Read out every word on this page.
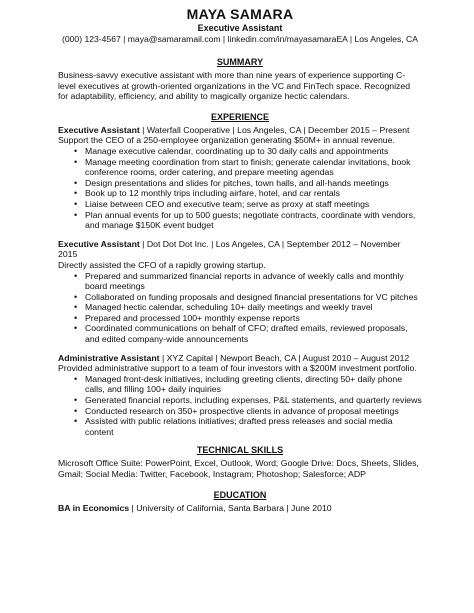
MAYA SAMARA
Executive Assistant
(000) 123-4567 | maya@samaramail.com | linkedin.com/in/mayasamaraEA | Los Angeles, CA
SUMMARY
Business-savvy executive assistant with more than nine years of experience supporting C-level executives at growth-oriented organizations in the VC and FinTech space. Recognized for adaptability, efficiency, and ability to magically organize hectic calendars.
EXPERIENCE
Executive Assistant | Waterfall Cooperative | Los Angeles, CA | December 2015 – Present
Support the CEO of a 250-employee organization generating $50M+ in annual revenue.
• Manage executive calendar, coordinating up to 30 daily calls and appointments
• Manage meeting coordination from start to finish; generate calendar invitations, book conference rooms, order catering, and prepare meeting agendas
• Design presentations and slides for pitches, town halls, and all-hands meetings
• Book up to 12 monthly trips including airfare, hotel, and car rentals
• Liaise between CEO and executive team; serve as proxy at staff meetings
• Plan annual events for up to 500 guests; negotiate contracts, coordinate with vendors, and manage $150K event budget
Executive Assistant | Dot Dot Dot Inc. | Los Angeles, CA | September 2012 – November 2015
Directly assisted the CFO of a rapidly growing startup.
• Prepared and summarized financial reports in advance of weekly calls and monthly board meetings
• Collaborated on funding proposals and designed financial presentations for VC pitches
• Managed hectic calendar, scheduling 10+ daily meetings and weekly travel
• Prepared and processed 100+ monthly expense reports
• Coordinated communications on behalf of CFO; drafted emails, reviewed proposals, and edited company-wide announcements
Administrative Assistant | XYZ Capital | Newport Beach, CA | August 2010 – August 2012
Provided administrative support to a team of four investors with a $200M investment portfolio.
• Managed front-desk initiatives, including greeting clients, directing 50+ daily phone calls, and filling 100+ daily inquiries
• Generated financial reports, including expenses, P&L statements, and quarterly reviews
• Conducted research on 350+ prospective clients in advance of proposal meetings
• Assisted with public relations initiatives; drafted press releases and social media content
TECHNICAL SKILLS
Microsoft Office Suite: PowerPoint, Excel, Outlook, Word; Google Drive: Docs, Sheets, Slides, Gmail; Social Media: Twitter, Facebook, Instagram; Photoshop; Salesforce; ADP
EDUCATION
BA in Economics | University of California, Santa Barbara | June 2010
